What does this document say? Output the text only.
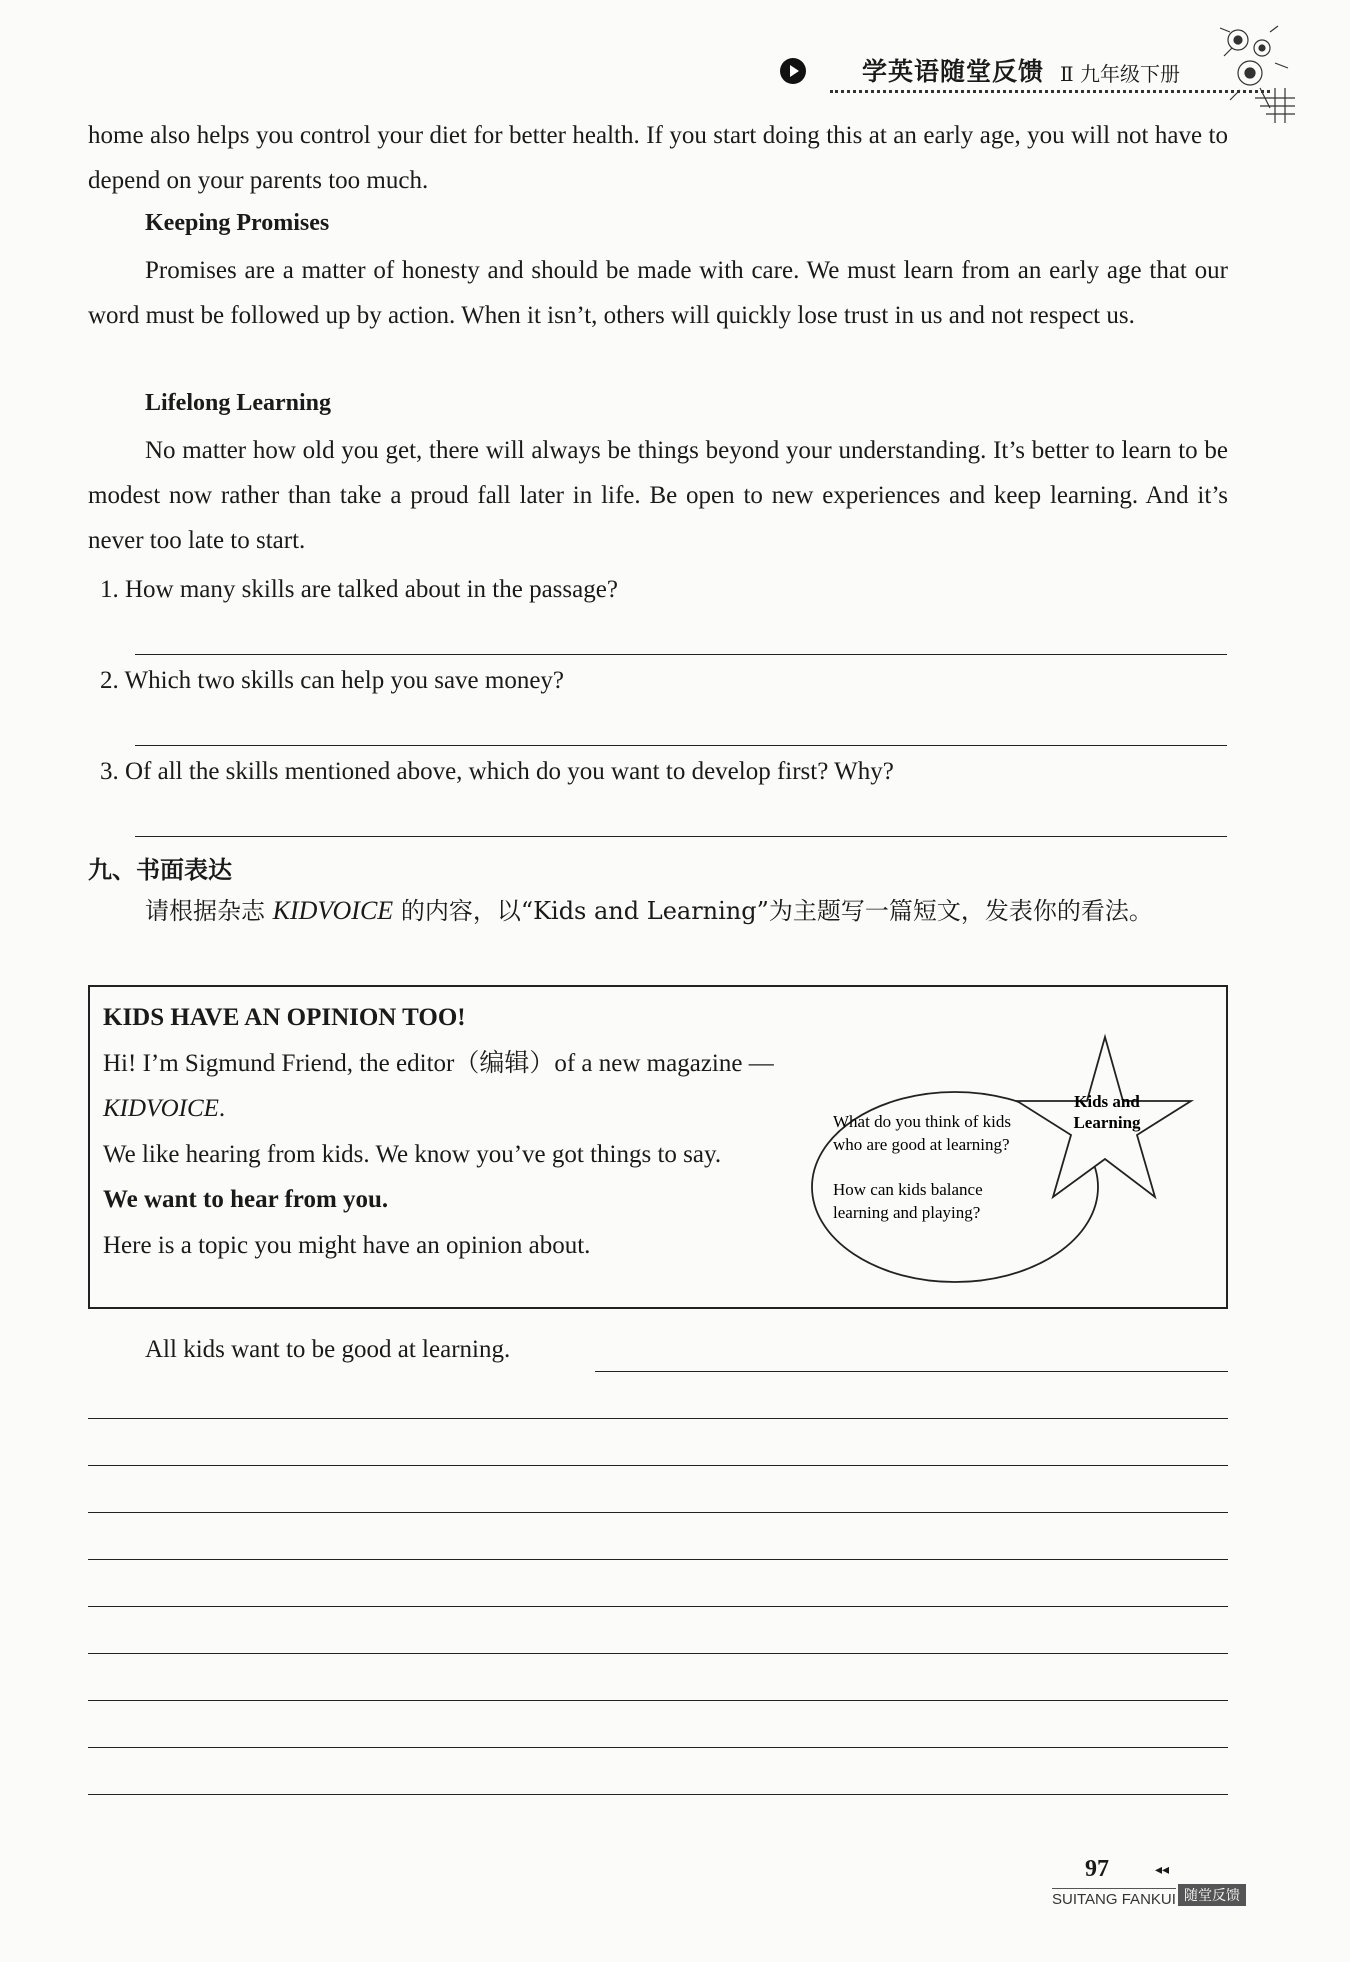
学英语随堂反馈 Ⅱ 九年级下册
home also helps you control your diet for better health. If you start doing this at an early age, you will not have to depend on your parents too much.
Keeping Promises
Promises are a matter of honesty and should be made with care. We must learn from an early age that our word must be followed up by action. When it isn’t, others will quickly lose trust in us and not respect us.
Lifelong Learning
No matter how old you get, there will always be things beyond your understanding. It’s better to learn to be modest now rather than take a proud fall later in life. Be open to new experiences and keep learning. And it’s never too late to start.
1. How many skills are talked about in the passage?
2. Which two skills can help you save money?
3. Of all the skills mentioned above, which do you want to develop first? Why?
九、书面表达
请根据杂志 KIDVOICE 的内容，以“Kids and Learning”为主题写一篇短文，发表你的看法。
KIDS HAVE AN OPINION TOO!
Hi! I’m Sigmund Friend, the editor（编辑）of a new magazine — KIDVOICE.
We like hearing from kids. We know you’ve got things to say.
We want to hear from you.
Here is a topic you might have an opinion about.
Kids and
Learning
What do you think of kids
who are good at learning?
How can kids balance
learning and playing?
All kids want to be good at learning.
97	◂◂
SUITANG FANKUI 随堂反馈
